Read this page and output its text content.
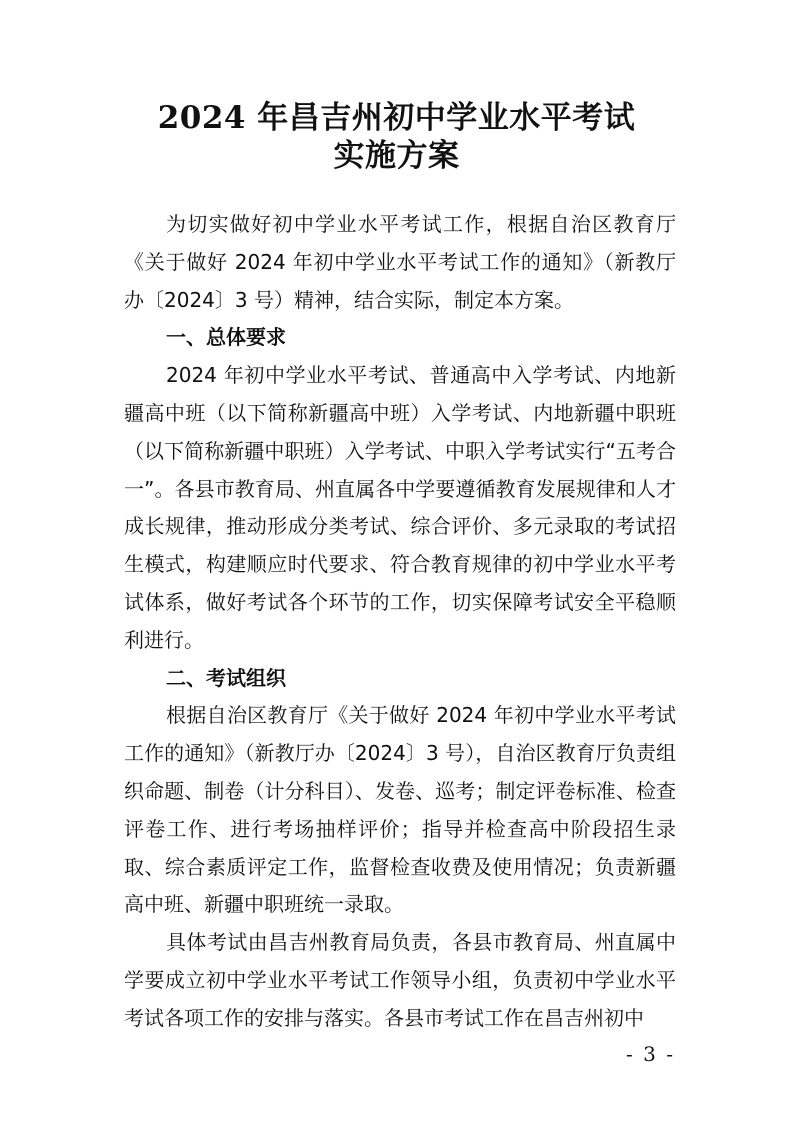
2024 年昌吉州初中学业水平考试
实施方案

为切实做好初中学业水平考试工作，根据自治区教育厅《关于做好 2024 年初中学业水平考试工作的通知》（新教厅办〔2024〕3 号）精神，结合实际，制定本方案。

一、总体要求

2024 年初中学业水平考试、普通高中入学考试、内地新疆高中班（以下简称新疆高中班）入学考试、内地新疆中职班（以下简称新疆中职班）入学考试、中职入学考试实行“五考合一”。各县市教育局、州直属各中学要遵循教育发展规律和人才成长规律，推动形成分类考试、综合评价、多元录取的考试招生模式，构建顺应时代要求、符合教育规律的初中学业水平考试体系，做好考试各个环节的工作，切实保障考试安全平稳顺利进行。

二、考试组织

根据自治区教育厅《关于做好 2024 年初中学业水平考试工作的通知》（新教厅办〔2024〕3 号），自治区教育厅负责组织命题、制卷（计分科目）、发卷、巡考；制定评卷标准、检查评卷工作、进行考场抽样评价；指导并检查高中阶段招生录取、综合素质评定工作，监督检查收费及使用情况；负责新疆高中班、新疆中职班统一录取。

具体考试由昌吉州教育局负责，各县市教育局、州直属中学要成立初中学业水平考试工作领导小组，负责初中学业水平考试各项工作的安排与落实。各县市考试工作在昌吉州初中

- 3 -
